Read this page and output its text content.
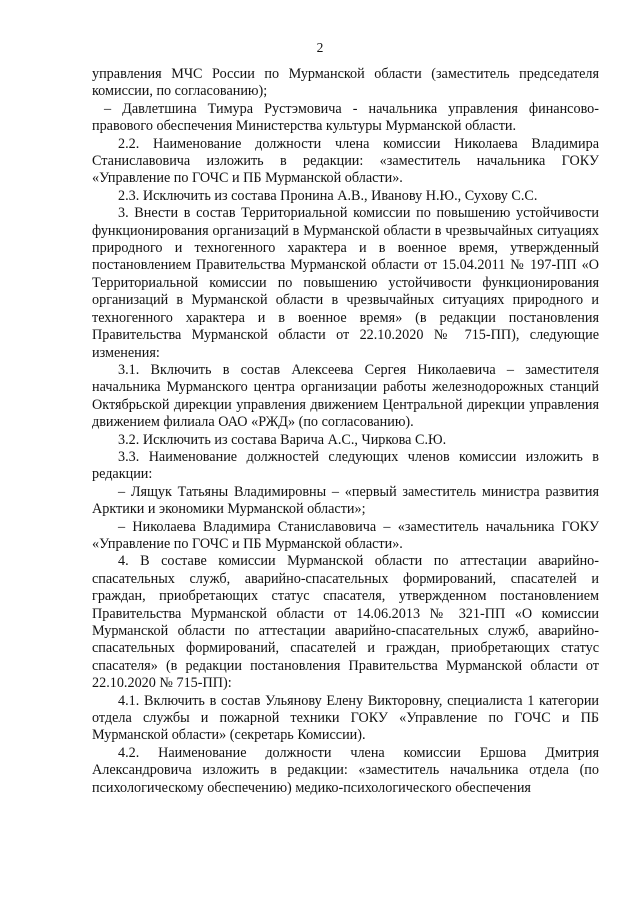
2

управления МЧС России по Мурманской области (заместитель председателя комиссии, по согласованию);

– Давлетшина Тимура Рустэмовича - начальника управления финансово-правового обеспечения Министерства культуры Мурманской области.

2.2. Наименование должности члена комиссии Николаева Владимира Станиславовича изложить в редакции: «заместитель начальника ГОКУ «Управление по ГОЧС и ПБ Мурманской области».

2.3. Исключить из состава Пронина А.В., Иванову Н.Ю., Сухову С.С.

3. Внести в состав Территориальной комиссии по повышению устойчивости функционирования организаций в Мурманской области в чрезвычайных ситуациях природного и техногенного характера и в военное время, утвержденный постановлением Правительства Мурманской области от 15.04.2011 № 197-ПП «О Территориальной комиссии по повышению устойчивости функционирования организаций в Мурманской области в чрезвычайных ситуациях природного и техногенного характера и в военное время» (в редакции постановления Правительства Мурманской области от 22.10.2020 № 715-ПП), следующие изменения:

3.1. Включить в состав Алексеева Сергея Николаевича – заместителя начальника Мурманского центра организации работы железнодорожных станций Октябрьской дирекции управления движением Центральной дирекции управления движением филиала ОАО «РЖД» (по согласованию).

3.2. Исключить из состава Варича А.С., Чиркова С.Ю.

3.3. Наименование должностей следующих членов комиссии изложить в редакции:

– Лящук Татьяны Владимировны – «первый заместитель министра развития Арктики и экономики Мурманской области»;

– Николаева Владимира Станиславовича – «заместитель начальника ГОКУ «Управление по ГОЧС и ПБ Мурманской области».

4. В составе комиссии Мурманской области по аттестации аварийно-спасательных служб, аварийно-спасательных формирований, спасателей и граждан, приобретающих статус спасателя, утвержденном постановлением Правительства Мурманской области от 14.06.2013 № 321-ПП «О комиссии Мурманской области по аттестации аварийно-спасательных служб, аварийно-спасательных формирований, спасателей и граждан, приобретающих статус спасателя» (в редакции постановления Правительства Мурманской области от 22.10.2020 № 715-ПП):

4.1. Включить в состав Ульянову Елену Викторовну, специалиста 1 категории отдела службы и пожарной техники ГОКУ «Управление по ГОЧС и ПБ Мурманской области» (секретарь Комиссии).

4.2. Наименование должности члена комиссии Ершова Дмитрия Александровича изложить в редакции: «заместитель начальника отдела (по психологическому обеспечению) медико-психологического обеспечения
